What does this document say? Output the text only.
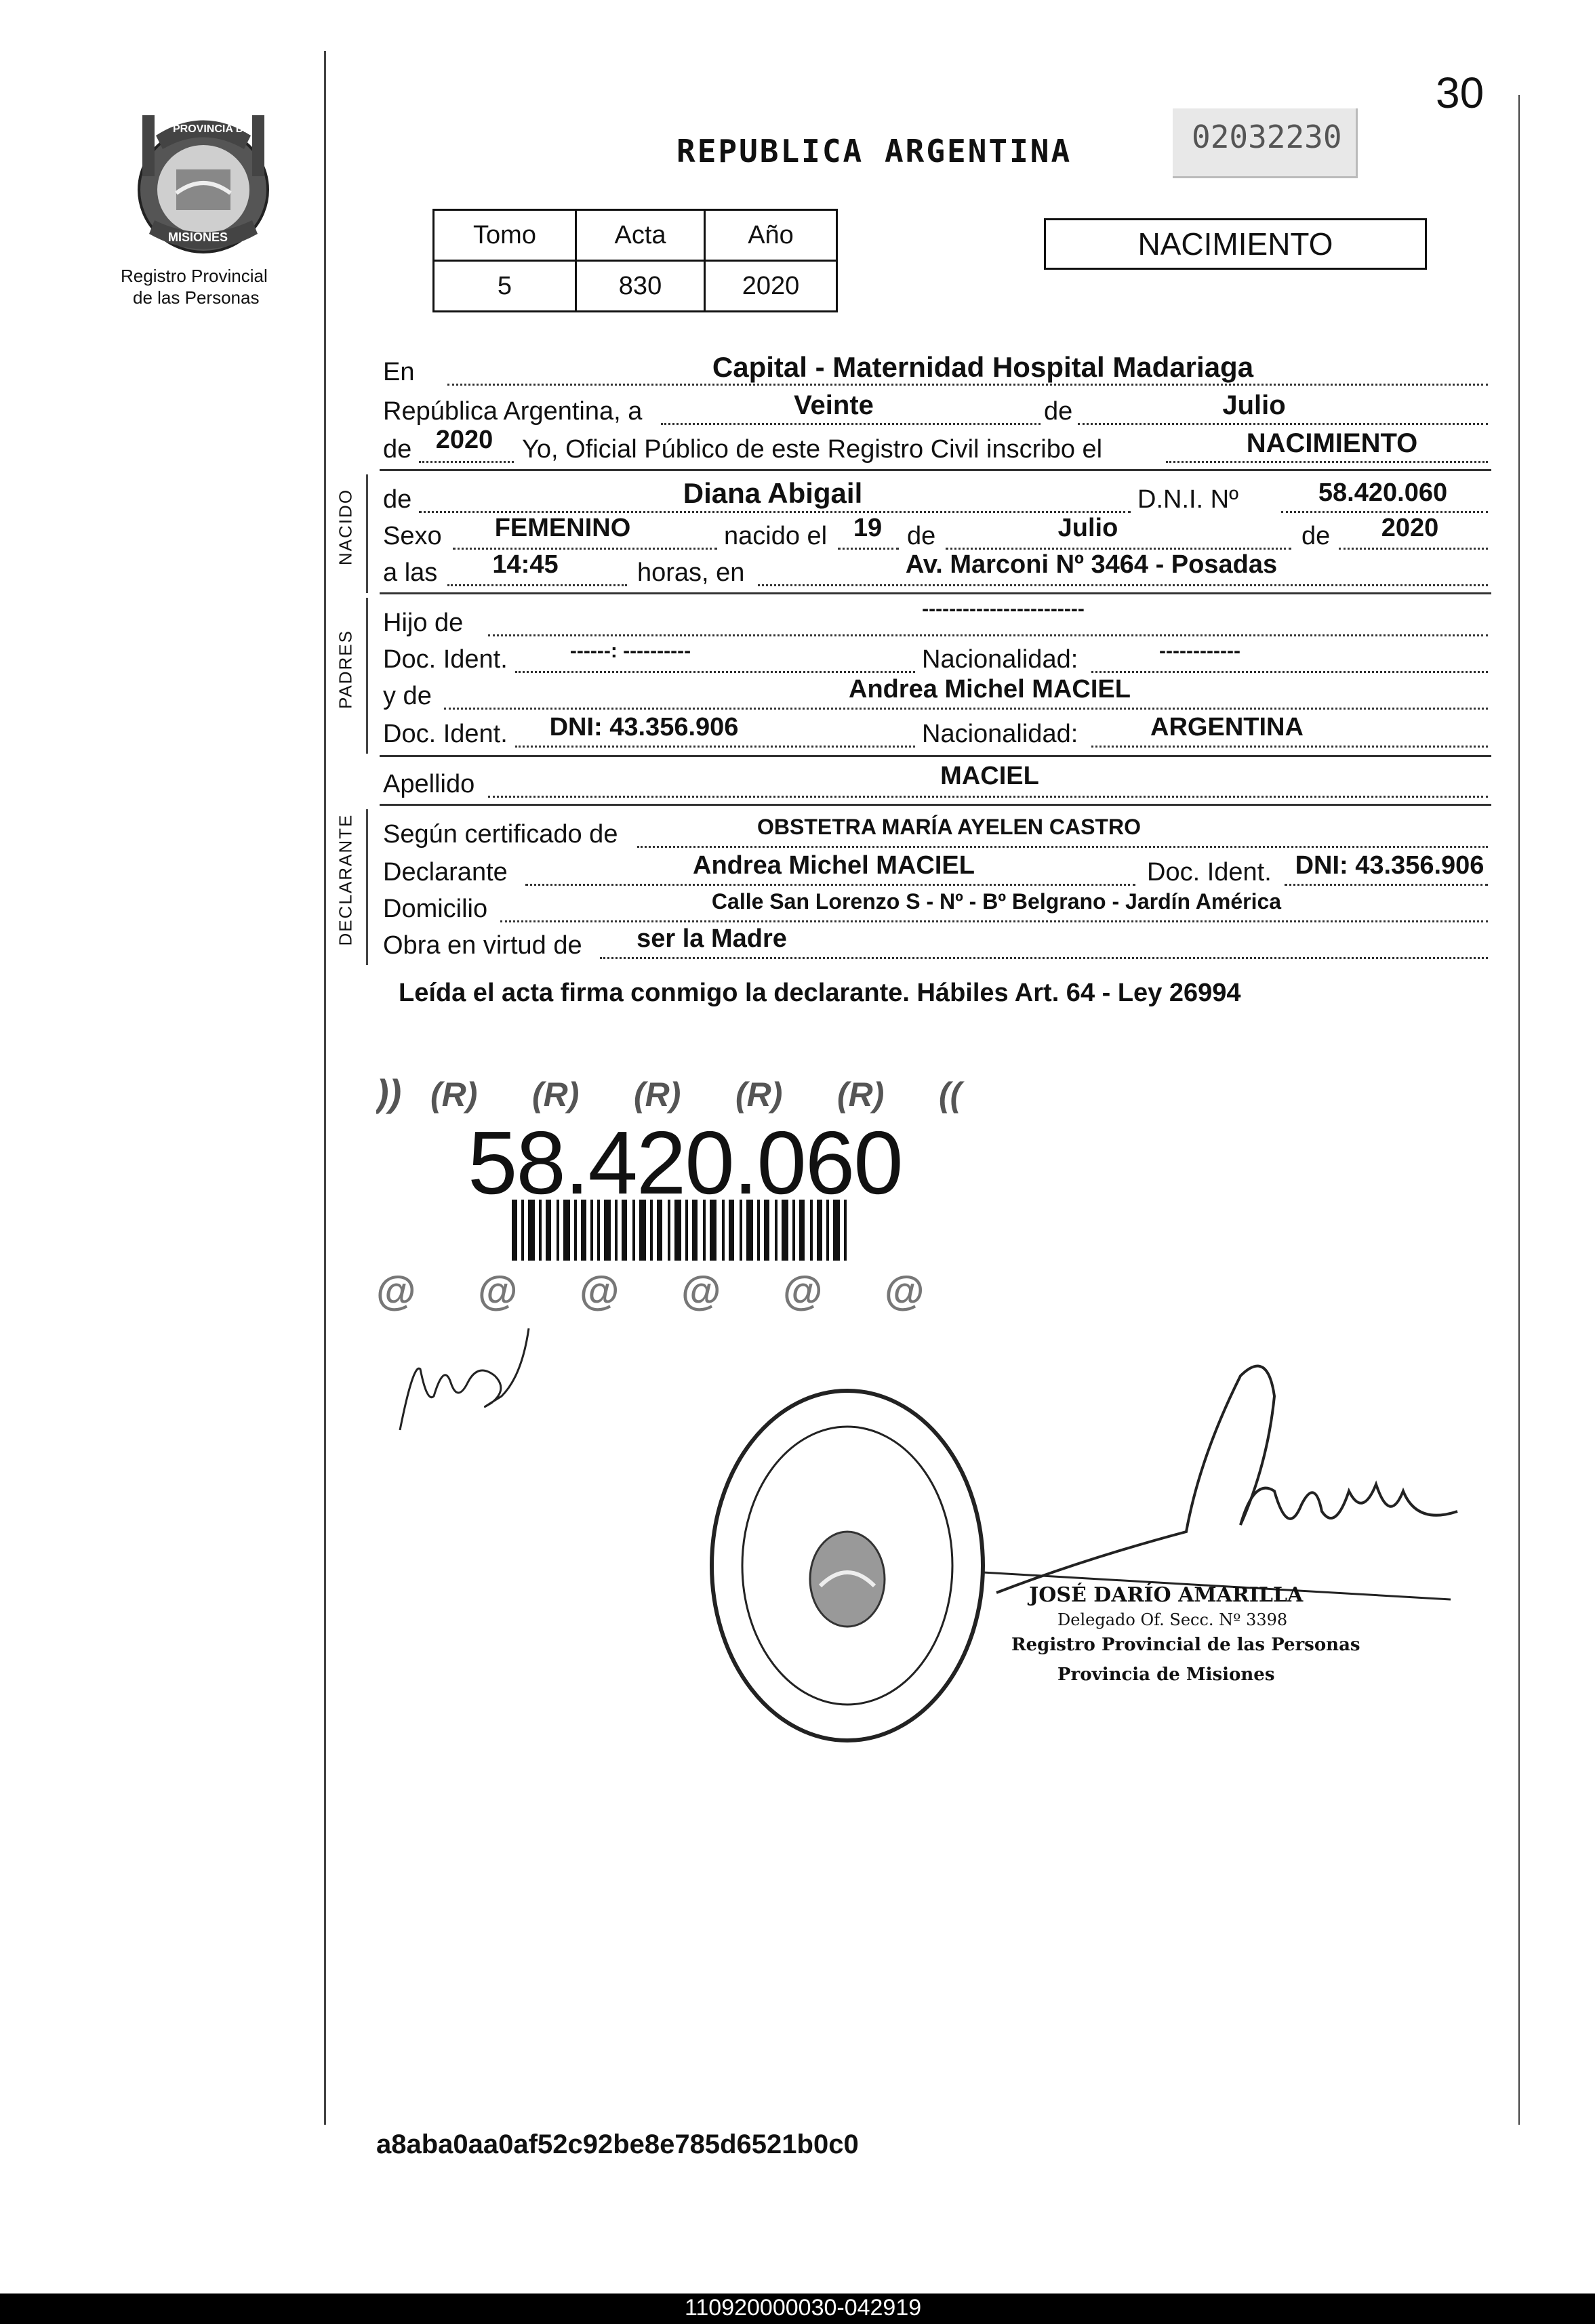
30
PROVINCIA DE
MISIONES
Registro Provincial
de las Personas
REPUBLICA ARGENTINA	02032230
Tomo	Acta	Año
5	830	2020
NACIMIENTO
En	Capital - Maternidad Hospital Madariaga
República Argentina, a	Veinte	de	Julio
de 2020	Yo, Oficial Público de este Registro Civil inscribo el	NACIMIENTO
NACIDO de	Diana Abigail	D.N.I. Nº	58.420.060
Sexo	FEMENINO	nacido el	19 de	Julio	de	2020
a las	14:45	horas, en	Av. Marconi Nº 3464 - Posadas
PADRES
Hijo de	------------------------
Doc. Ident.	------: ----------	Nacionalidad:	------------
y de	Andrea Michel MACIEL
Doc. Ident.	DNI: 43.356.906	Nacionalidad:	ARGENTINA
Apellido	MACIEL
DECLARANTE Según certificado de	OBSTETRA MARÍA AYELEN CASTRO
Declarante	Andrea Michel MACIEL	Doc. Ident. DNI: 43.356.906
Domicilio	Calle San Lorenzo S - Nº - Bº Belgrano - Jardín América
Obra en virtud de	ser la Madre
Leída el acta firma conmigo la declarante. Hábiles Art. 64 - Ley 26994
)) (R) (R) (R) (R) (R) ((
@ @ @ @ @ @
58.420.060
JOSÉ DARÍO AMARILLA
Delegado Of. Secc. Nº 3398
Registro Provincial de las Personas
Provincia de Misiones
a8aba0aa0af52c92be8e785d6521b0c0
110920000030-042919
